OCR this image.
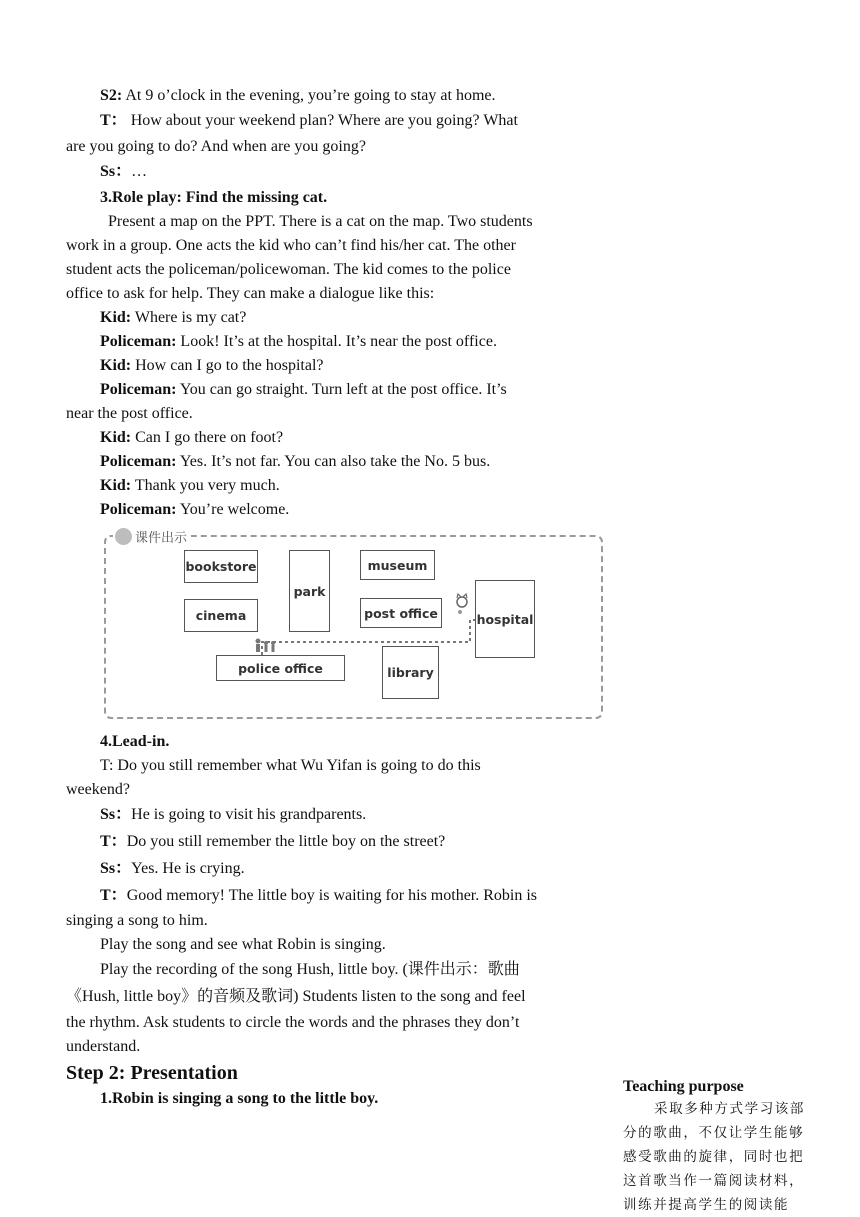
S2: At 9 o’clock in the evening, you’re going to stay at home.
T： How about your weekend plan? Where are you going? What
are you going to do? And when are you going?
Ss：…
3.Role play: Find the missing cat.
Present a map on the PPT. There is a cat on the map. Two students
work in a group. One acts the kid who can’t find his/her cat. The other
student acts the policeman/policewoman. The kid comes to the police
office to ask for help. They can make a dialogue like this:
Kid: Where is my cat?
Policeman: Look! It’s at the hospital. It’s near the post office.
Kid: How can I go to the hospital?
Policeman: You can go straight. Turn left at the post office. It’s
near the post office.
Kid: Can I go there on foot?
Policeman: Yes. It’s not far. You can also take the No. 5 bus.
Kid: Thank you very much.
Policeman: You’re welcome.
课件出示
bookstore
cinema
park
museum
post office	hospital
police office	library
4.Lead-in.
T: Do you still remember what Wu Yifan is going to do this
weekend?
Ss：He is going to visit his grandparents.
T：Do you still remember the little boy on the street?
Ss：Yes. He is crying.
T：Good memory! The little boy is waiting for his mother. Robin is
singing a song to him.
Play the song and see what Robin is singing.
Play the recording of the song Hush, little boy. (课件出示：歌曲
《Hush, little boy》的音频及歌词) Students listen to the song and feel
the rhythm. Ask students to circle the words and the phrases they don’t
understand.
Step 2: Presentation
1.Robin is singing a song to the little boy.
Teaching purpose
采取多种方式学习该部
分的歌曲，不仅让学生能够
感受歌曲的旋律，同时也把
这首歌当作一篇阅读材料，
训练并提高学生的阅读能
